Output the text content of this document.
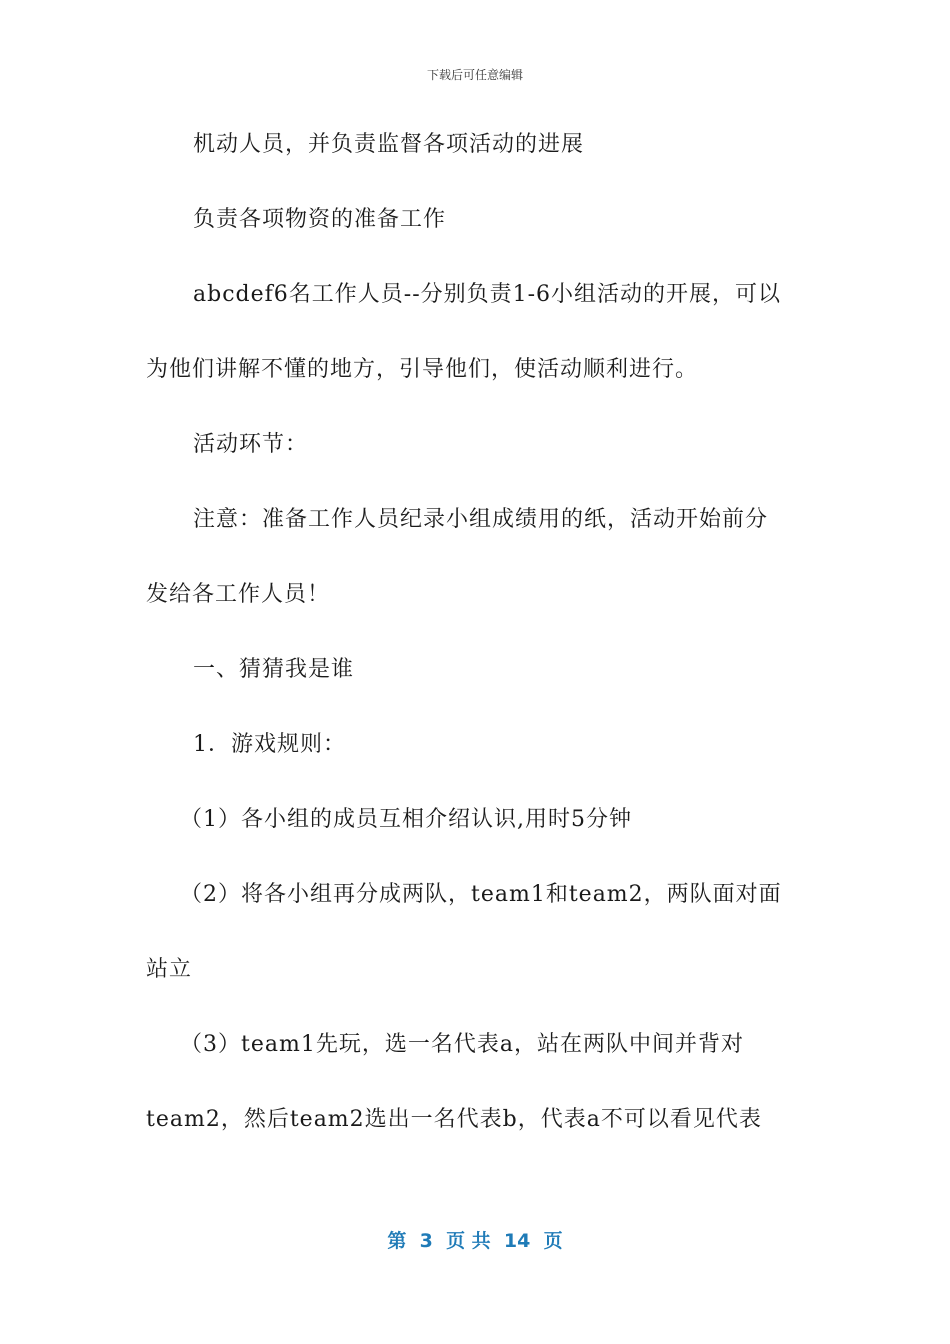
下载后可任意编辑
机动人员，并负责监督各项活动的进展
负责各项物资的准备工作
abcdef6名工作人员--分别负责1-6小组活动的开展，可以
为他们讲解不懂的地方，引导他们，使活动顺利进行。
活动环节：
注意：准备工作人员纪录小组成绩用的纸，活动开始前分
发给各工作人员！
一、猜猜我是谁
1．游戏规则：
（1）各小组的成员互相介绍认识,用时5分钟
（2）将各小组再分成两队，team1和team2，两队面对面
站立
（3）team1先玩，选一名代表a，站在两队中间并背对
team2，然后team2选出一名代表b，代表a不可以看见代表
第  3  页 共  14  页
